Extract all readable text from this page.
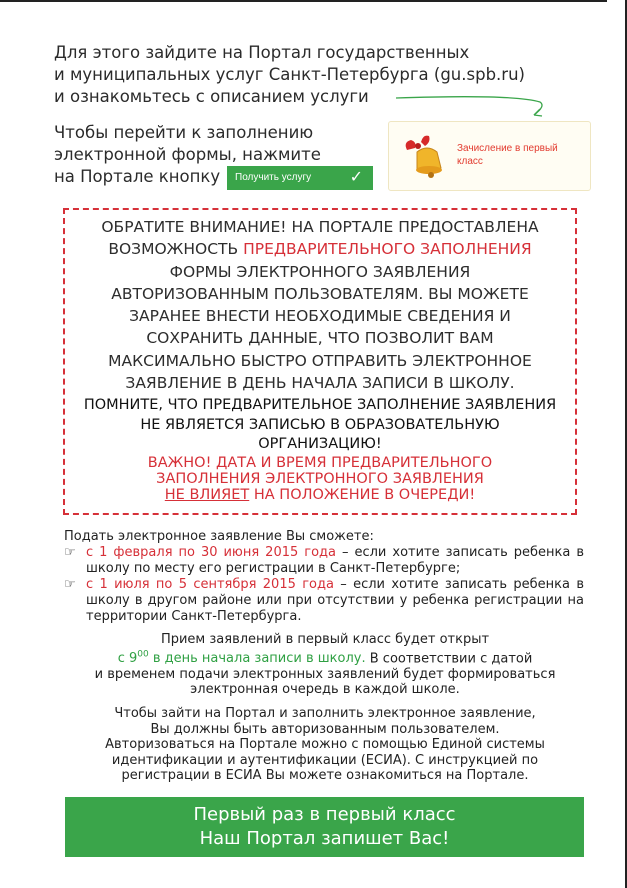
Для этого зайдите на Портал государственных
и муниципальных услуг Санкт-Петербурга (gu.spb.ru)
и ознакомьтесь с описанием услуги
Чтобы перейти к заполнению
электронной формы, нажмите
на Портале кнопку	Получить услугу ✓
Зачисление в первый класс
ОБРАТИТЕ ВНИМАНИЕ! НА ПОРТАЛЕ ПРЕДОСТАВЛЕНА
ВОЗМОЖНОСТЬ ПРЕДВАРИТЕЛЬНОГО ЗАПОЛНЕНИЯ
ФОРМЫ ЭЛЕКТРОННОГО ЗАЯВЛЕНИЯ
АВТОРИЗОВАННЫМ ПОЛЬЗОВАТЕЛЯМ. ВЫ МОЖЕТЕ
ЗАРАНЕЕ ВНЕСТИ НЕОБХОДИМЫЕ СВЕДЕНИЯ И
СОХРАНИТЬ ДАННЫЕ, ЧТО ПОЗВОЛИТ ВАМ
МАКСИМАЛЬНО БЫСТРО ОТПРАВИТЬ ЭЛЕКТРОННОЕ
ЗАЯВЛЕНИЕ В ДЕНЬ НАЧАЛА ЗАПИСИ В ШКОЛУ.
ПОМНИТЕ, ЧТО ПРЕДВАРИТЕЛЬНОЕ ЗАПОЛНЕНИЕ ЗАЯВЛЕНИЯ
НЕ ЯВЛЯЕТСЯ ЗАПИСЬЮ В ОБРАЗОВАТЕЛЬНУЮ
ОРГАНИЗАЦИЮ!
ВАЖНО! ДАТА И ВРЕМЯ ПРЕДВАРИТЕЛЬНОГО
ЗАПОЛНЕНИЯ ЭЛЕКТРОННОГО ЗАЯВЛЕНИЯ
НЕ ВЛИЯЕТ НА ПОЛОЖЕНИЕ В ОЧЕРЕДИ!
Подать электронное заявление Вы сможете:
☞ с 1 февраля по 30 июня 2015 года – если хотите записать ребенка в школу по месту его регистрации в Санкт-Петербурге;
☞ с 1 июля по 5 сентября 2015 года – если хотите записать ребенка в школу в другом районе или при отсутствии у ребенка регистрации на территории Санкт-Петербурга.
Прием заявлений в первый класс будет открыт
с $9^{00}$ в день начала записи в школу. В соответствии с датой
и временем подачи электронных заявлений будет формироваться
электронная очередь в каждой школе.
Чтобы зайти на Портал и заполнить электронное заявление,
Вы должны быть авторизованным пользователем.
Авторизоваться на Портале можно с помощью Единой системы
идентификации и аутентификации (ЕСИА). С инструкцией по
регистрации в ЕСИА Вы можете ознакомиться на Портале.
Первый раз в первый класс
Наш Портал запишет Вас!
